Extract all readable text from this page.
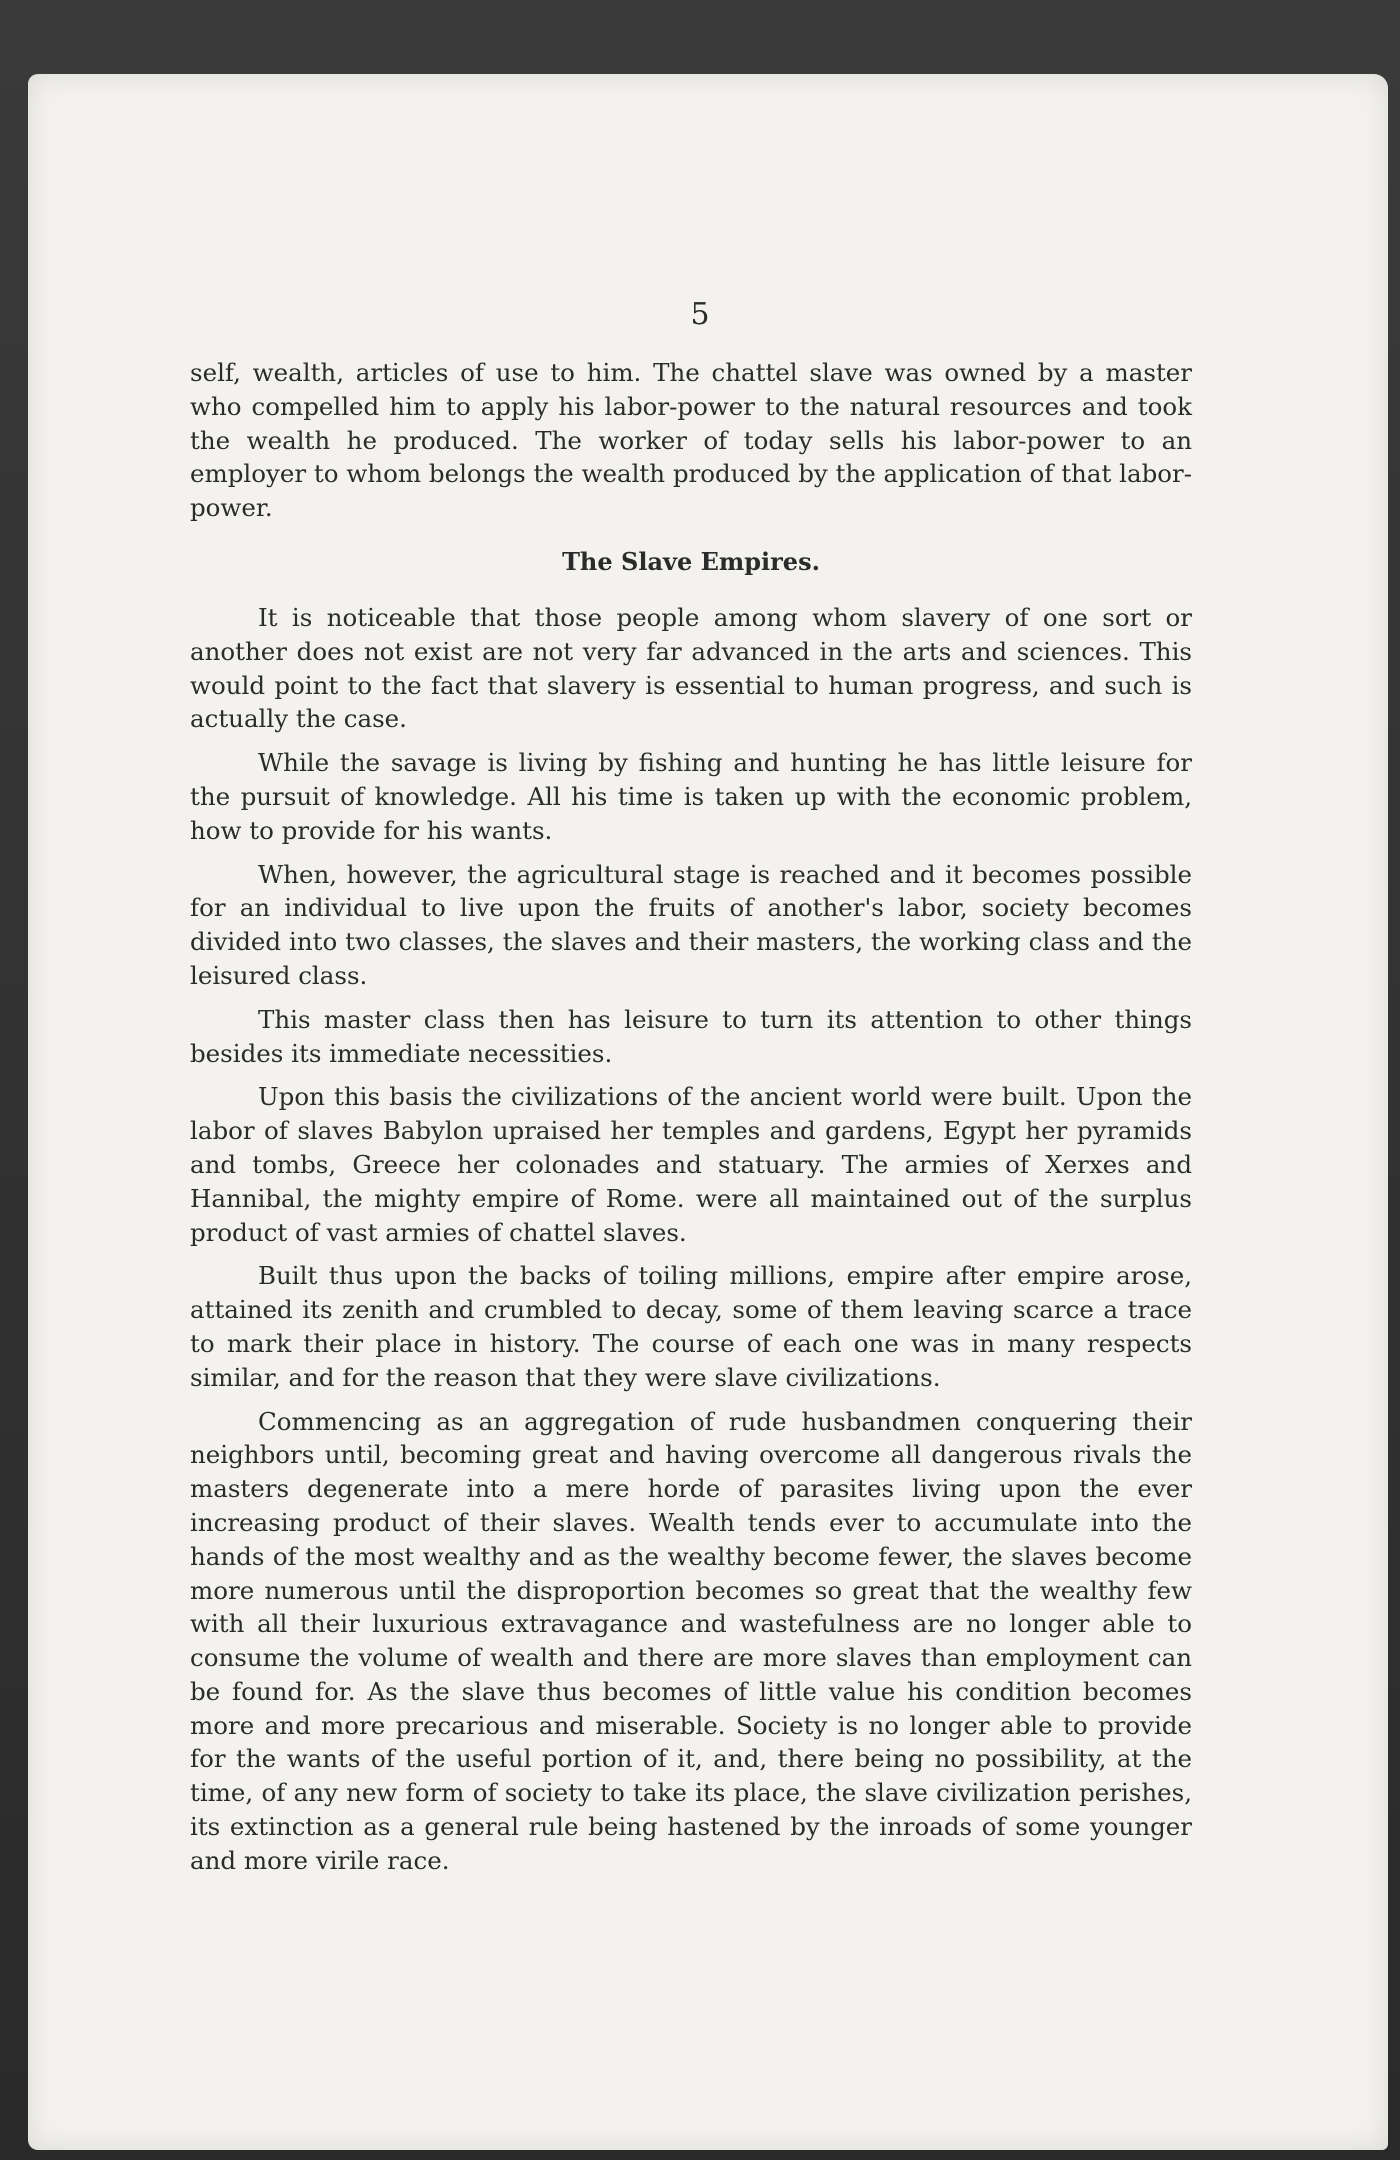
5

self, wealth, articles of use to him. The chattel slave was owned by a master who compelled him to apply his labor-power to the natural resources and took the wealth he produced. The worker of today sells his labor-power to an employer to whom belongs the wealth produced by the application of that labor-power.

The Slave Empires.

It is noticeable that those people among whom slavery of one sort or another does not exist are not very far advanced in the arts and sciences. This would point to the fact that slavery is essential to human progress, and such is actually the case.

While the savage is living by fishing and hunting he has little leisure for the pursuit of knowledge. All his time is taken up with the economic problem, how to provide for his wants.

When, however, the agricultural stage is reached and it becomes possible for an individual to live upon the fruits of another's labor, society becomes divided into two classes, the slaves and their masters, the working class and the leisured class.

This master class then has leisure to turn its attention to other things besides its immediate necessities.

Upon this basis the civilizations of the ancient world were built. Upon the labor of slaves Babylon upraised her temples and gardens, Egypt her pyramids and tombs, Greece her colonades and statuary. The armies of Xerxes and Hannibal, the mighty empire of Rome. were all maintained out of the surplus product of vast armies of chattel slaves.

Built thus upon the backs of toiling millions, empire after empire arose, attained its zenith and crumbled to decay, some of them leaving scarce a trace to mark their place in history. The course of each one was in many respects similar, and for the reason that they were slave civilizations.

Commencing as an aggregation of rude husbandmen conquering their neighbors until, becoming great and having overcome all dangerous rivals the masters degenerate into a mere horde of parasites living upon the ever increasing product of their slaves. Wealth tends ever to accumulate into the hands of the most wealthy and as the wealthy become fewer, the slaves become more numerous until the disproportion becomes so great that the wealthy few with all their luxurious extravagance and wastefulness are no longer able to consume the volume of wealth and there are more slaves than employment can be found for. As the slave thus becomes of little value his condition becomes more and more precarious and miserable. Society is no longer able to provide for the wants of the useful portion of it, and, there being no possibility, at the time, of any new form of society to take its place, the slave civilization perishes, its extinction as a general rule being hastened by the inroads of some younger and more virile race.
